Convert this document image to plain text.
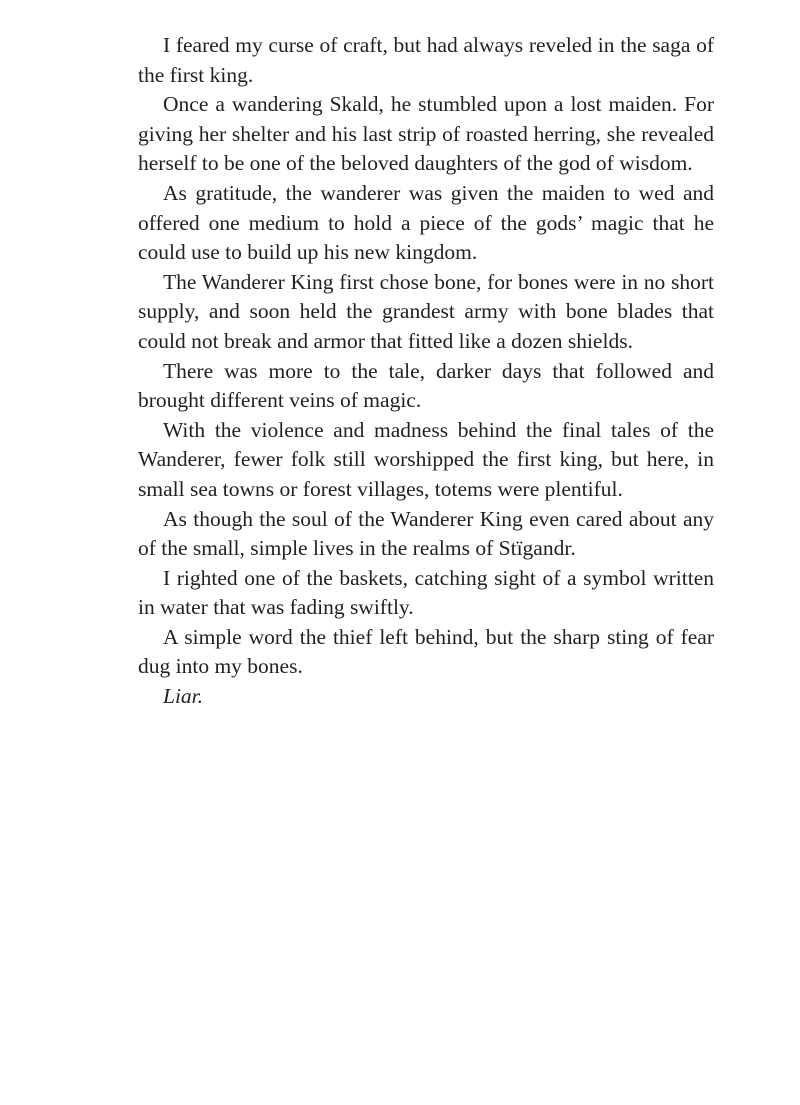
I feared my curse of craft, but had always reveled in the saga of the first king.

Once a wandering Skald, he stumbled upon a lost maiden. For giving her shelter and his last strip of roasted herring, she revealed herself to be one of the beloved daughters of the god of wisdom.

As gratitude, the wanderer was given the maiden to wed and offered one medium to hold a piece of the gods’ magic that he could use to build up his new kingdom.

The Wanderer King first chose bone, for bones were in no short supply, and soon held the grandest army with bone blades that could not break and armor that fitted like a dozen shields.

There was more to the tale, darker days that followed and brought different veins of magic.

With the violence and madness behind the final tales of the Wanderer, fewer folk still worshipped the first king, but here, in small sea towns or forest villages, totems were plentiful.

As though the soul of the Wanderer King even cared about any of the small, simple lives in the realms of Stïgandr.

I righted one of the baskets, catching sight of a symbol written in water that was fading swiftly.

A simple word the thief left behind, but the sharp sting of fear dug into my bones.

Liar.
